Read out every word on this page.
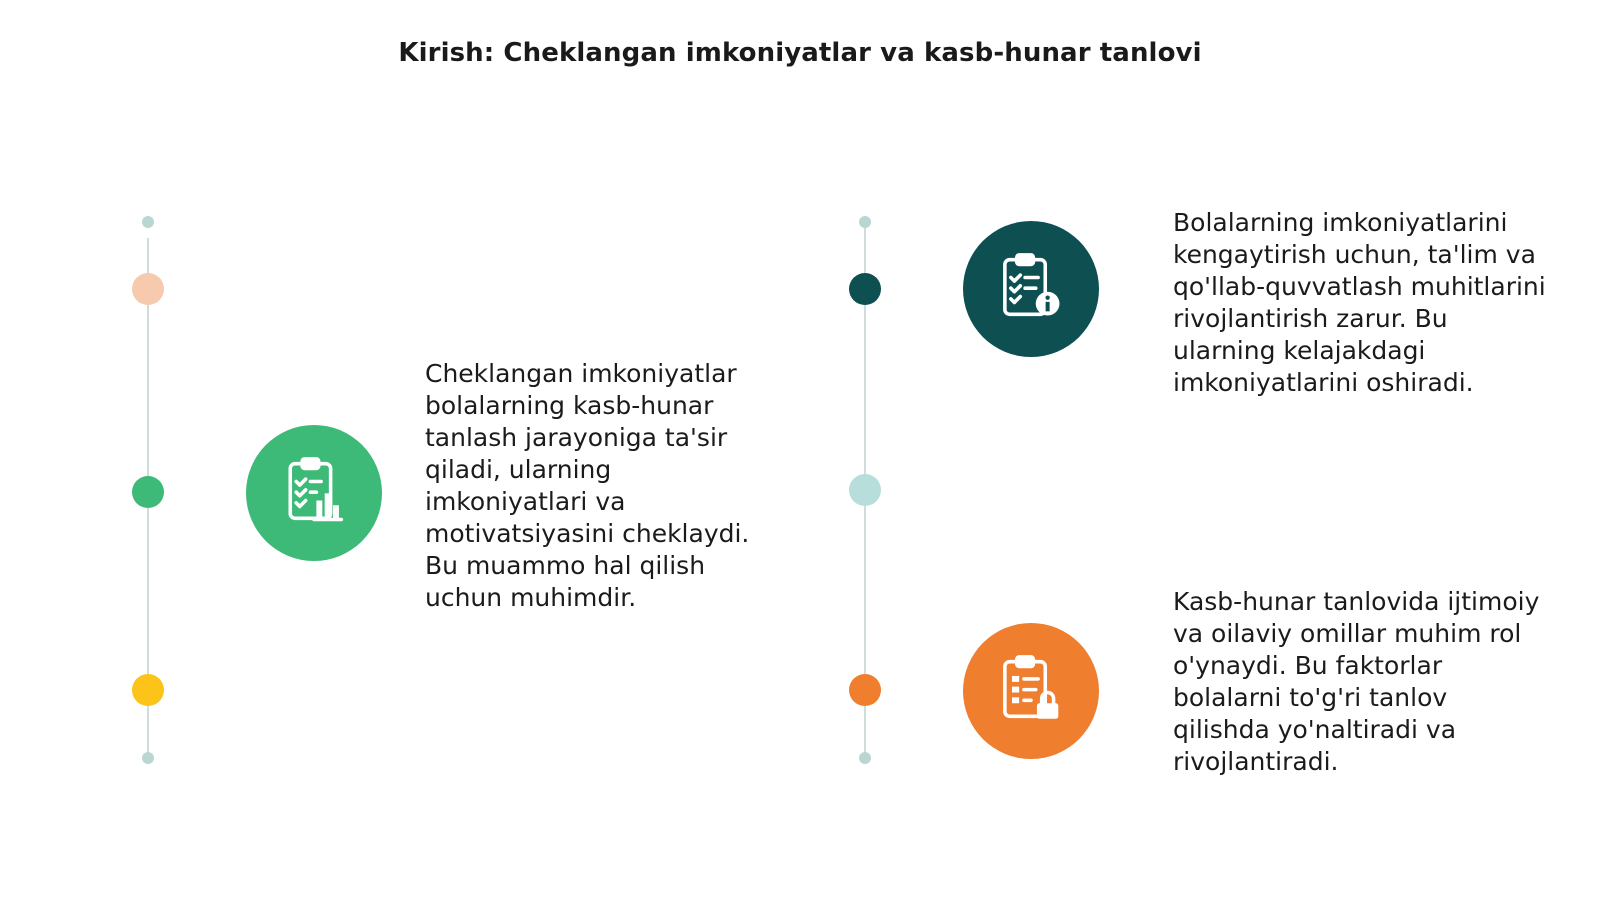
Kirish: Cheklangan imkoniyatlar va kasb-hunar tanlovi
Cheklangan imkoniyatlar bolalarning kasb-hunar tanlash jarayoniga ta'sir qiladi, ularning imkoniyatlari va motivatsiyasini cheklaydi. Bu muammo hal qilish uchun muhimdir.
Bolalarning imkoniyatlarini kengaytirish uchun, ta'lim va qo'llab-quvvatlash muhitlarini rivojlantirish zarur. Bu ularning kelajakdagi imkoniyatlarini oshiradi.
Kasb-hunar tanlovida ijtimoiy va oilaviy omillar muhim rol o'ynaydi. Bu faktorlar bolalarni to'g'ri tanlov qilishda yo'naltiradi va rivojlantiradi.
